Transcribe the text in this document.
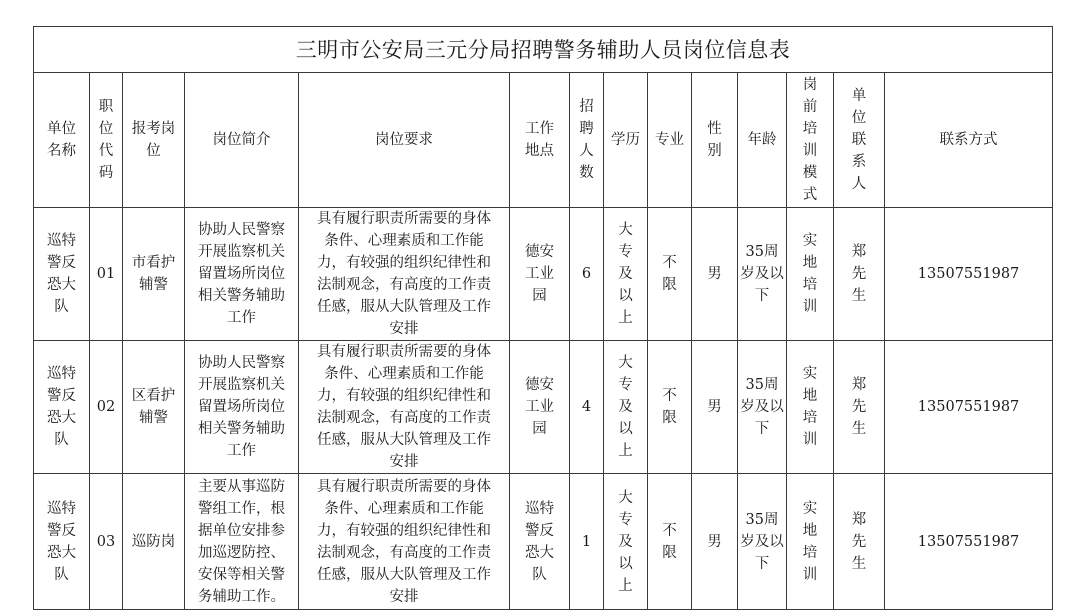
三明市公安局三元分局招聘警务辅助人员岗位信息表													
单位名称	职位代码	报考岗位	岗位简介	岗位要求	工作地点	招聘人数	学历	专业	性别	年龄	岗前培训模式	单位联系人	联系方式
巡特警反恐大队	01	市看护辅警	协助人民警察开展监察机关留置场所岗位相关警务辅助工作	具有履行职责所需要的身体条件、心理素质和工作能力，有较强的组织纪律性和法制观念，有高度的工作责任感，服从大队管理及工作安排	德安工业园	6	大专及以上	不限	男	35周岁及以下	实地培训	郑先生	13507551987
巡特警反恐大队	02	区看护辅警	协助人民警察开展监察机关留置场所岗位相关警务辅助工作	具有履行职责所需要的身体条件、心理素质和工作能力，有较强的组织纪律性和法制观念，有高度的工作责任感，服从大队管理及工作安排	德安工业园	4	大专及以上	不限	男	35周岁及以下	实地培训	郑先生	13507551987
巡特警反恐大队	03	巡防岗	主要从事巡防警组工作，根据单位安排参加巡逻防控、安保等相关警务辅助工作。	具有履行职责所需要的身体条件、心理素质和工作能力，有较强的组织纪律性和法制观念，有高度的工作责任感，服从大队管理及工作安排	巡特警反恐大队	1	大专及以上	不限	男	35周岁及以下	实地培训	郑先生	13507551987
